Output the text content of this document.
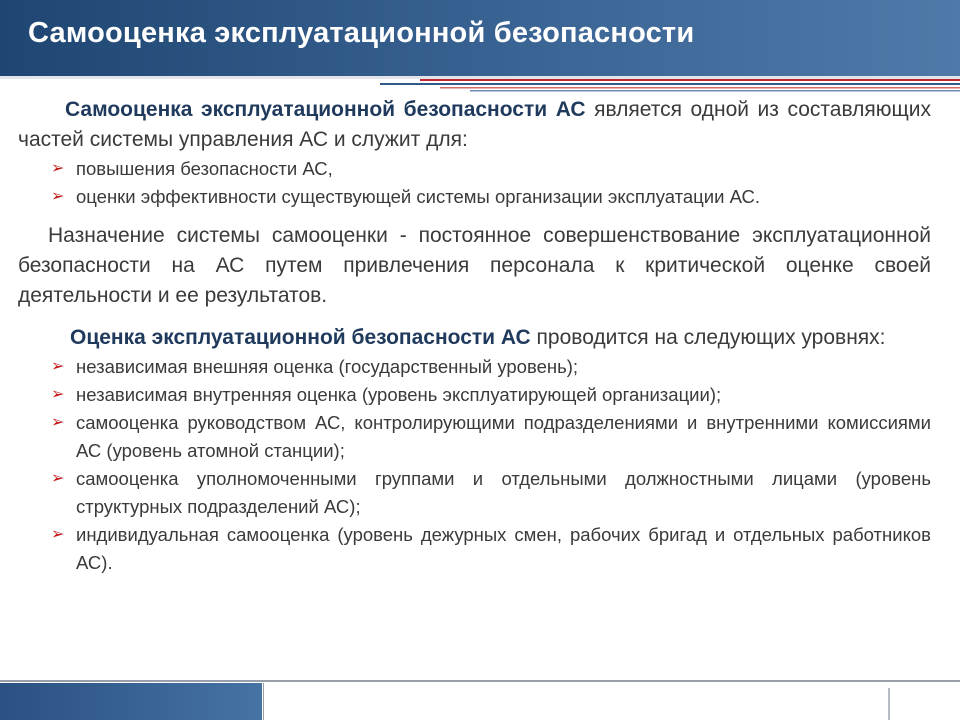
Самооценка эксплуатационной безопасности

Самооценка эксплуатационной безопасности АС является одной из составляющих частей системы управления АС и служит для:

➢ повышения безопасности АС,
➢ оценки эффективности существующей системы организации эксплуатации АС.

Назначение системы самооценки - постоянное совершенствование эксплуатационной безопасности на АС путем привлечения персонала к критической оценке своей деятельности и ее результатов.

Оценка эксплуатационной безопасности АС проводится на следующих уровнях:

➢ независимая внешняя оценка (государственный уровень);
➢ независимая внутренняя оценка (уровень эксплуатирующей организации);
➢ самооценка руководством АС, контролирующими подразделениями и внутренними комиссиями АС (уровень атомной станции);
➢ самооценка уполномоченными группами и отдельными должностными лицами (уровень структурных подразделений АС);
➢ индивидуальная самооценка (уровень дежурных смен, рабочих бригад и отдельных работников АС).
